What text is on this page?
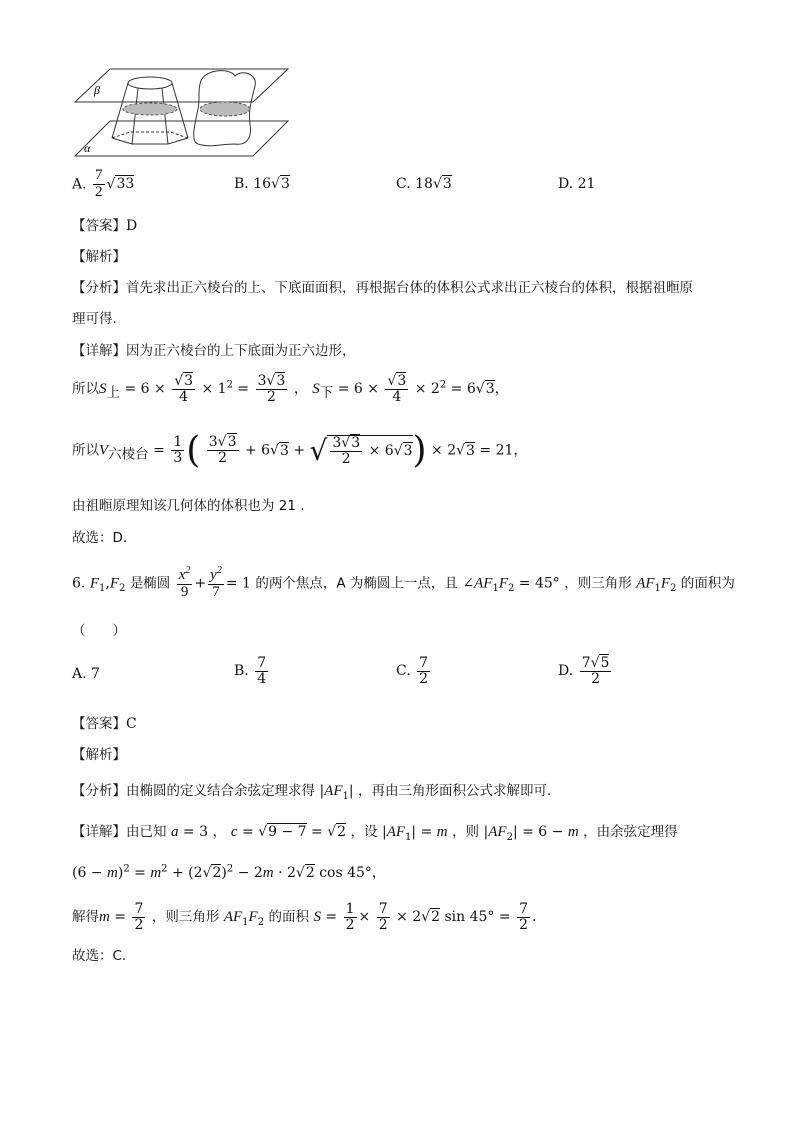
β
α
A. $\frac{7}{2} √33$	B. 16√3	C. 18√3	D. 21
【答案】D
【解析】
【分析】首先求出正六棱台的上、下底面面积，再根据台体的体积公式求出正六棱台的体积，根据祖暅原
理可得.
【详解】因为正六棱台的上下底面为正六边形，
所以$S_上 = 6 \times \frac{√3}{4} \times 1^2 = \frac{3√3}{2}$ ， $S_下 = 6 \times \frac{√3}{4} \times 2^2 = 6√3$，
所以$V_{六棱台} = \frac{1}{3}$ ( $\frac{3√3}{2} + 6√3$ + √ $\frac{3√3}{2} \times 6√3) \times 2√3 = 21$，
由祖暅原理知该几何体的体积也为 21 .
故选：D.
6. $F_1,F_2$ 是椭圆 $\frac{x^2}{9} + \frac{y^2}{7} = 1$ 的两个焦点，A 为椭圆上一点，且 $\angle AF_1F_2 = 45^\circ$ ，则三角形 $AF_1F_2$ 的面积为
（　　）
A. 7	B. $\frac{7}{4}$	C. $\frac{7}{2}$	D. $\frac{7√5}{2}$
【答案】C
【解析】
【分析】由椭圆的定义结合余弦定理求得 $|AF_1|$ ，再由三角形面积公式求解即可.
【详解】由已知 a = 3 ， c = √9 − 7 = √2 ，设 $|AF_1| = m$ ，则 $|AF_2| = 6 - m$ ，由余弦定理得
$(6 - m)^2 = m^2 + (2√2)^2 - 2m \cdot 2√2$ cos 45°，
解得$m = \frac{7}{2}$ ，则三角形 $AF_1F_2$ 的面积 $S = \frac{1}{2} \times \frac{7}{2} \times 2√2$ $\sin 45^\circ = \frac{7}{2}$ .
故选：C.
